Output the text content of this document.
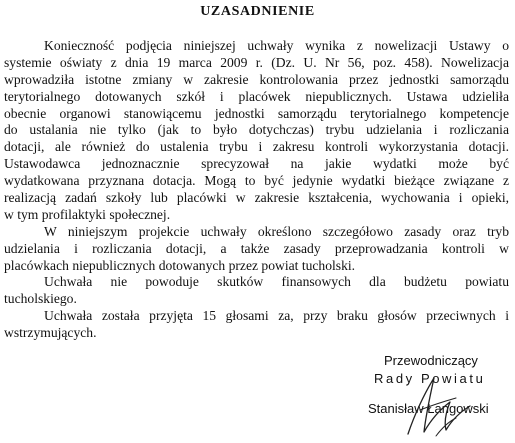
UZASADNIENIE
Konieczność podjęcia niniejszej uchwały wynika z nowelizacji Ustawy o
systemie oświaty z dnia 19 marca 2009 r. (Dz. U. Nr 56, poz. 458). Nowelizacja
wprowadziła istotne zmiany w zakresie kontrolowania przez jednostki samorządu
terytorialnego dotowanych szkół i placówek niepublicznych. Ustawa udzieliła
obecnie organowi stanowiącemu jednostki samorządu terytorialnego kompetencje
do ustalania nie tylko (jak to było dotychczas) trybu udzielania i rozliczania
dotacji, ale również do ustalenia trybu i zakresu kontroli wykorzystania dotacji.
Ustawodawca jednoznacznie sprecyzował na jakie wydatki może być
wydatkowana przyznana dotacja. Mogą to być jedynie wydatki bieżące związane z
realizacją zadań szkoły lub placówki w zakresie kształcenia, wychowania i opieki,
w tym profilaktyki społecznej.
W niniejszym projekcie uchwały określono szczegółowo zasady oraz tryb
udzielania i rozliczania dotacji, a także zasady przeprowadzania kontroli w
placówkach niepublicznych dotowanych przez powiat tucholski.
Uchwała nie powoduje skutków finansowych dla budżetu powiatu
tucholskiego.
Uchwała została przyjęta 15 głosami za, przy braku głosów przeciwnych i
wstrzymujących.
Przewodniczący
Rady Powiatu
Stanisław Łangowski
